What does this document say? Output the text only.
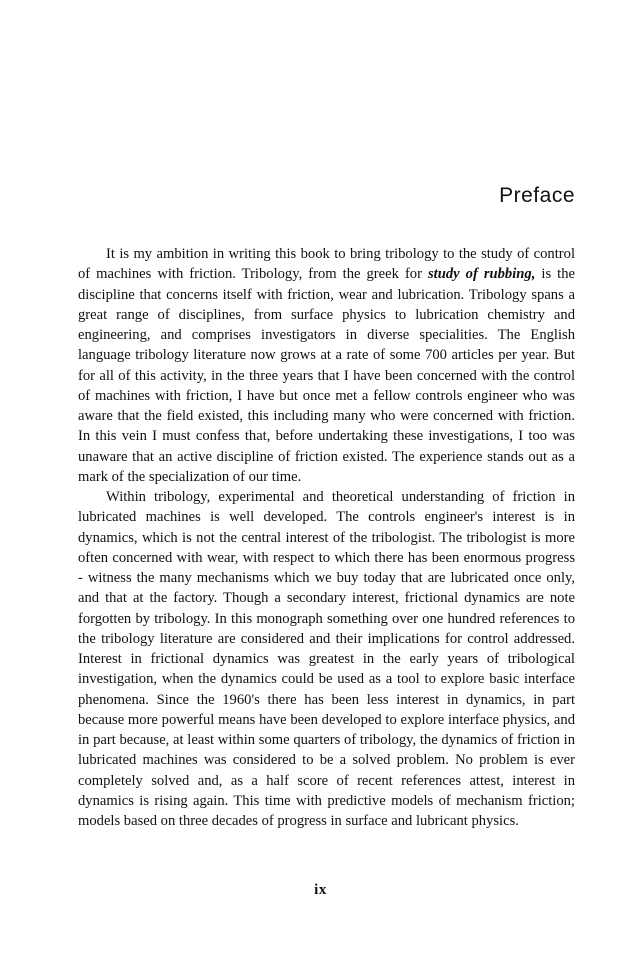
Preface

It is my ambition in writing this book to bring tribology to the study of control of machines with friction. Tribology, from the greek for study of rubbing, is the discipline that concerns itself with friction, wear and lubrication. Tribology spans a great range of disciplines, from surface physics to lubrication chemistry and engineering, and comprises investigators in diverse specialities. The English language tribology literature now grows at a rate of some 700 articles per year. But for all of this activity, in the three years that I have been concerned with the control of machines with friction, I have but once met a fellow controls engineer who was aware that the field existed, this including many who were concerned with friction. In this vein I must confess that, before undertaking these investigations, I too was unaware that an active discipline of friction existed. The experience stands out as a mark of the specialization of our time.

Within tribology, experimental and theoretical understanding of friction in lubricated machines is well developed. The controls engineer's interest is in dynamics, which is not the central interest of the tribologist. The tribologist is more often concerned with wear, with respect to which there has been enormous progress - witness the many mechanisms which we buy today that are lubricated once only, and that at the factory. Though a secondary interest, frictional dynamics are note forgotten by tribology. In this monograph something over one hundred references to the tribology literature are considered and their implications for control addressed. Interest in frictional dynamics was greatest in the early years of tribological investigation, when the dynamics could be used as a tool to explore basic interface phenomena. Since the 1960's there has been less interest in dynamics, in part because more powerful means have been developed to explore interface physics, and in part because, at least within some quarters of tribology, the dynamics of friction in lubricated machines was considered to be a solved problem. No problem is ever completely solved and, as a half score of recent references attest, interest in dynamics is rising again. This time with predictive models of mechanism friction; models based on three decades of progress in surface and lubricant physics.

ix
